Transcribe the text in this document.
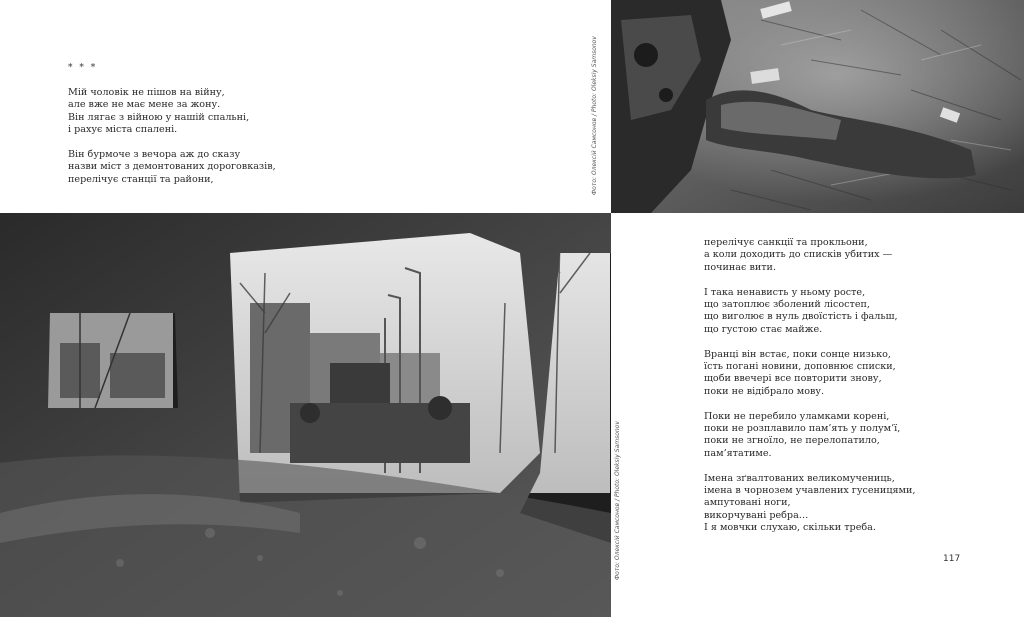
* * *

Мій чоловік не пішов на війну,
але вже не має мене за жону.
Він лягає з війною у нашій спальні,
і рахує міста спалені.

Він бурмоче з вечора аж до сказу
назви міст з демонтованих дороговказів,
перелічує станції та райони,	Фото: Олексій Самсонов / Photo: Oleksiy Samsonov
Фото: Олексій Самсонов / Photo: Oleksiy Samsonov

перелічує санкції та прокльони,
а коли доходить до списків убитих —
починає вити.

І така ненависть у ньому росте,
що затоплює зболений лісостеп,
що виголює в нуль двоїстість і фальш,
що густою стає майже.

Вранці він встає, поки сонце низько,
їсть погані новини, доповнює списки,
щоби ввечері все повторити знову,
поки не відібрало мову.

Поки не перебило уламками корені,
поки не розплавило пам’ять у полум’ї,
поки не згноїло, не перелопатило,
пам’ятатиме.

Імена зґвалтованих великомучениць,
імена в чорнозем учавлених гусеницями,
ампутовані ноги,
викорчувані ребра…
І я мовчки слухаю, скільки треба.

117
